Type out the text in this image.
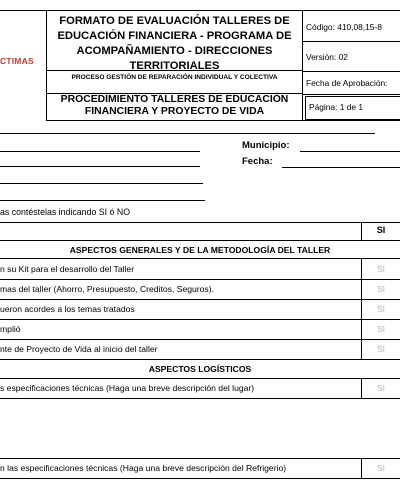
CTIMAS
FORMATO DE EVALUACIÓN TALLERES DE EDUCACIÓN FINANCIERA - PROGRAMA DE ACOMPAÑAMIENTO - DIRECCIONES TERRITORIALES
PROCESO GESTIÓN DE REPARACIÓN INDIVIDUAL Y COLECTIVA
PROCEDIMIENTO TALLERES DE EDUCACIÓN FINANCIERA Y PROYECTO DE VIDA
Código: 410,08,15-8
Versión: 02
Fecha de Aprobación:
Página: 1 de 1
Municipio:
Fecha:
as contéstelas indicando SI ó NO
SI
ASPECTOS GENERALES Y DE LA METODOLOGÍA DEL TALLER
n su Kit para el desarrollo del Taller	SI
mas del taller (Ahorro, Presupuesto, Creditos, Seguros).	SI
ueron acordes a los temas tratados	SI
mplió	SI
nte de Proyecto de Vida al inicio del taller	SI
ASPECTOS LOGÍSTICOS
s especificaciones técnicas (Haga una breve descripción del lugar)	SI
n las especificaciones técnicas (Haga una breve descripción del Refrigerio)	SI
